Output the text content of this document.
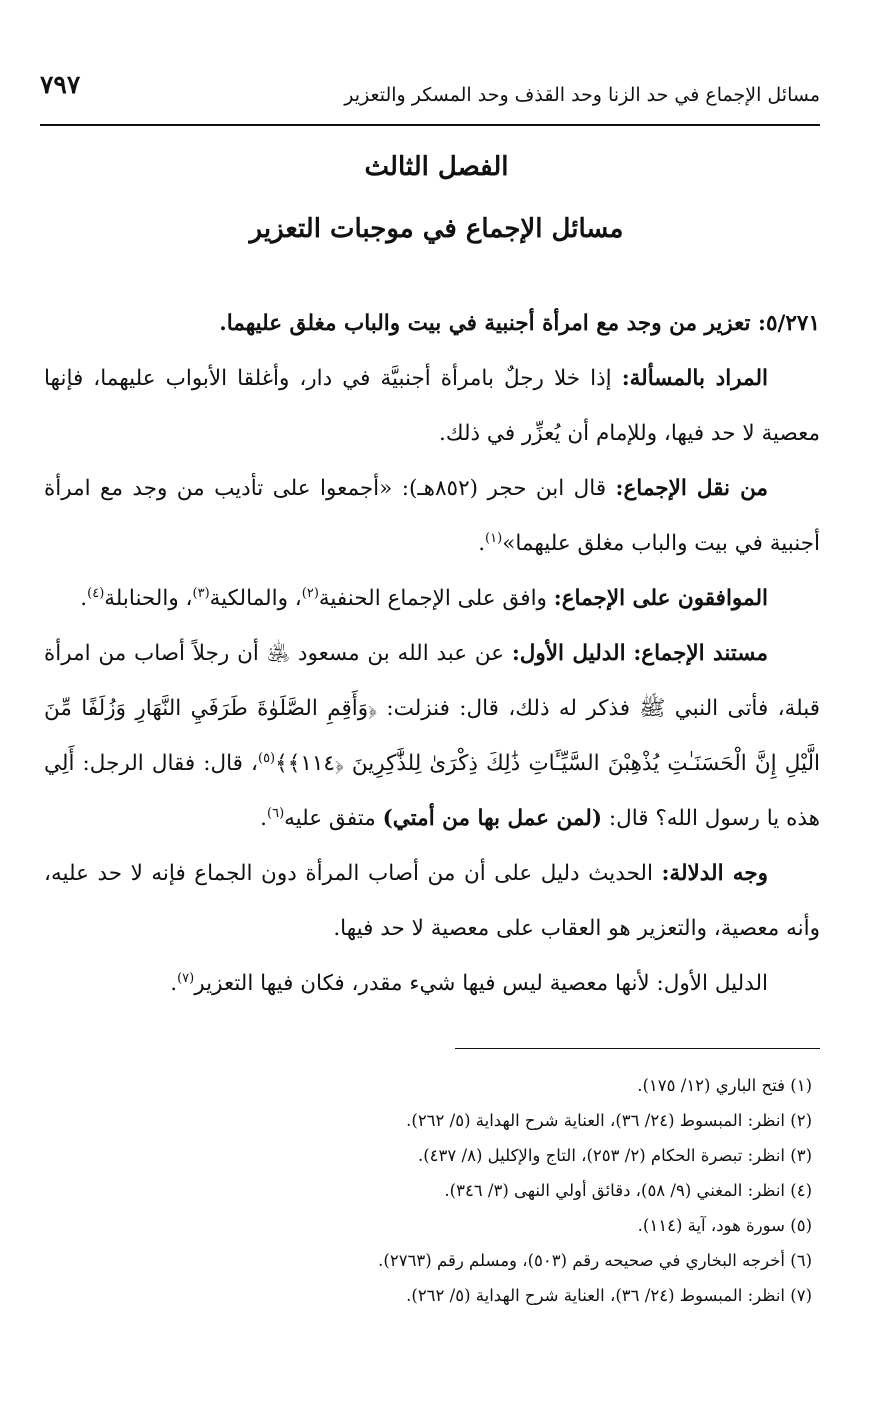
٧٩٧	مسائل الإجماع في حد الزنا وحد القذف وحد المسكر والتعزير
الفصل الثالث
مسائل الإجماع في موجبات التعزير

٥/٢٧١: تعزير من وجد مع امرأة أجنبية في بيت والباب مغلق عليهما.

المراد بالمسألة: إذا خلا رجلٌ بامرأة أجنبيَّة في دار، وأغلقا الأبواب عليهما، فإنها معصية لا حد فيها، وللإمام أن يُعزِّر في ذلك.

من نقل الإجماع: قال ابن حجر (٨٥٢هـ): «أجمعوا على تأديب من وجد مع امرأة أجنبية في بيت والباب مغلق عليهما»$^{(١)}$.

الموافقون على الإجماع: وافق على الإجماع الحنفية$^{(٢)}$، والمالكية$^{(٣)}$، والحنابلة$^{(٤)}$.

مستند الإجماع: الدليل الأول: عن عبد الله بن مسعود ﵁ أن رجلاً أصاب من امرأة قبلة، فأتى النبي ﷺ فذكر له ذلك، قال: فنزلت: ﴿وَأَقِمِ الصَّلَوٰةَ طَرَفَيِ النَّهَارِ وَزُلَفًا مِّنَ الَّيْلِ إِنَّ الْحَسَنَـٰتِ يُذْهِبْنَ السَّيِّـَٔاتِ ذَٰلِكَ ذِكْرَىٰ لِلذَّٰكِرِينَ ﴿١١٤﴾﴾$^{(٥)}$، قال: فقال الرجل: أَلِي هذه يا رسول الله؟ قال: (لمن عمل بها من أمتي) متفق عليه$^{(٦)}$.

وجه الدلالة: الحديث دليل على أن من أصاب المرأة دون الجماع فإنه لا حد عليه، وأنه معصية، والتعزير هو العقاب على معصية لا حد فيها.

الدليل الأول: لأنها معصية ليس فيها شيء مقدر، فكان فيها التعزير$^{(٧)}$.

(١) فتح الباري (١٢/ ١٧٥).
(٢) انظر: المبسوط (٢٤/ ٣٦)، العناية شرح الهداية (٥/ ٢٦٢).
(٣) انظر: تبصرة الحكام (٢/ ٢٥٣)، التاج والإكليل (٨/ ٤٣٧).
(٤) انظر: المغني (٩/ ٥٨)، دقائق أولي النهى (٣/ ٣٤٦).
(٥) سورة هود، آية (١١٤).
(٦) أخرجه البخاري في صحيحه رقم (٥٠٣)، ومسلم رقم (٢٧٦٣).
(٧) انظر: المبسوط (٢٤/ ٣٦)، العناية شرح الهداية (٥/ ٢٦٢).
